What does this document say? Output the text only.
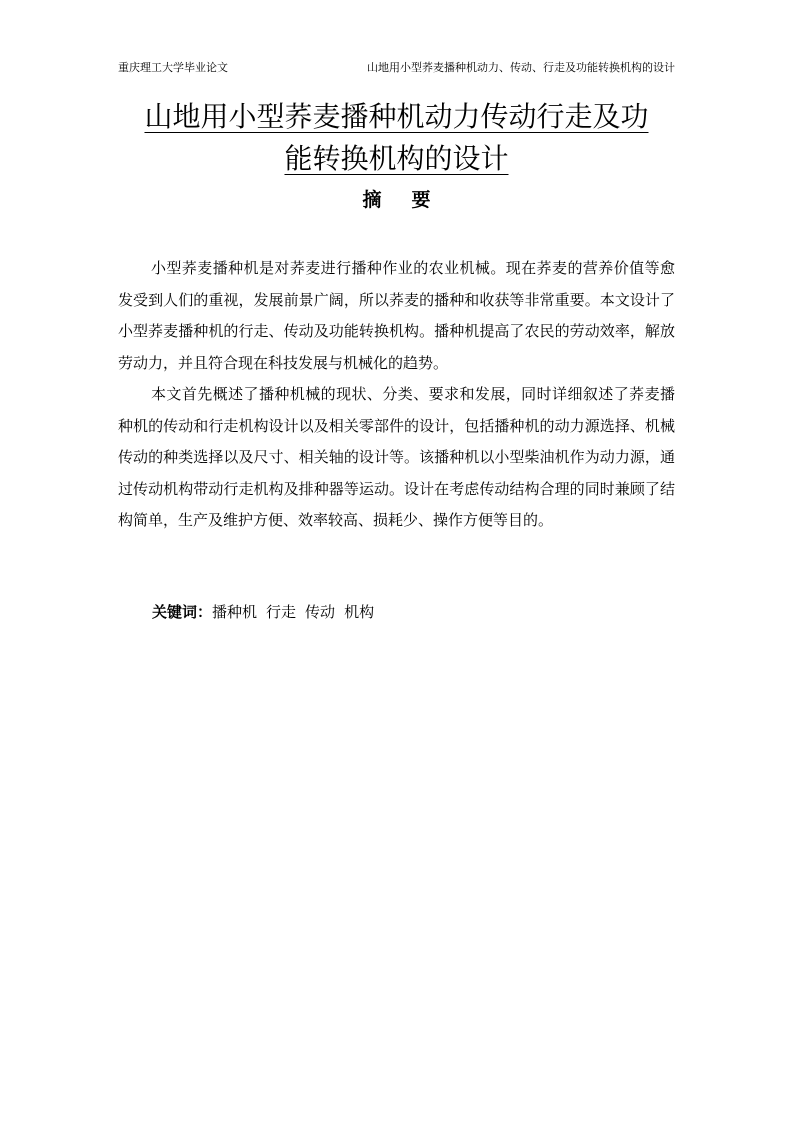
重庆理工大学毕业论文	山地用小型荞麦播种机动力、传动、行走及功能转换机构的设计
山地用小型荞麦播种机动力传动行走及功
能转换机构的设计
摘要

小型荞麦播种机是对荞麦进行播种作业的农业机械。现在荞麦的营养价值等愈发受到人们的重视，发展前景广阔，所以荞麦的播种和收获等非常重要。本文设计了小型荞麦播种机的行走、传动及功能转换机构。播种机提高了农民的劳动效率，解放劳动力，并且符合现在科技发展与机械化的趋势。

本文首先概述了播种机械的现状、分类、要求和发展，同时详细叙述了荞麦播种机的传动和行走机构设计以及相关零部件的设计，包括播种机的动力源选择、机械传动的种类选择以及尺寸、相关轴的设计等。该播种机以小型柴油机作为动力源，通过传动机构带动行走机构及排种器等运动。设计在考虑传动结构合理的同时兼顾了结构简单，生产及维护方便、效率较高、损耗少、操作方便等目的。

关键词：播种机 行走 传动 机构
